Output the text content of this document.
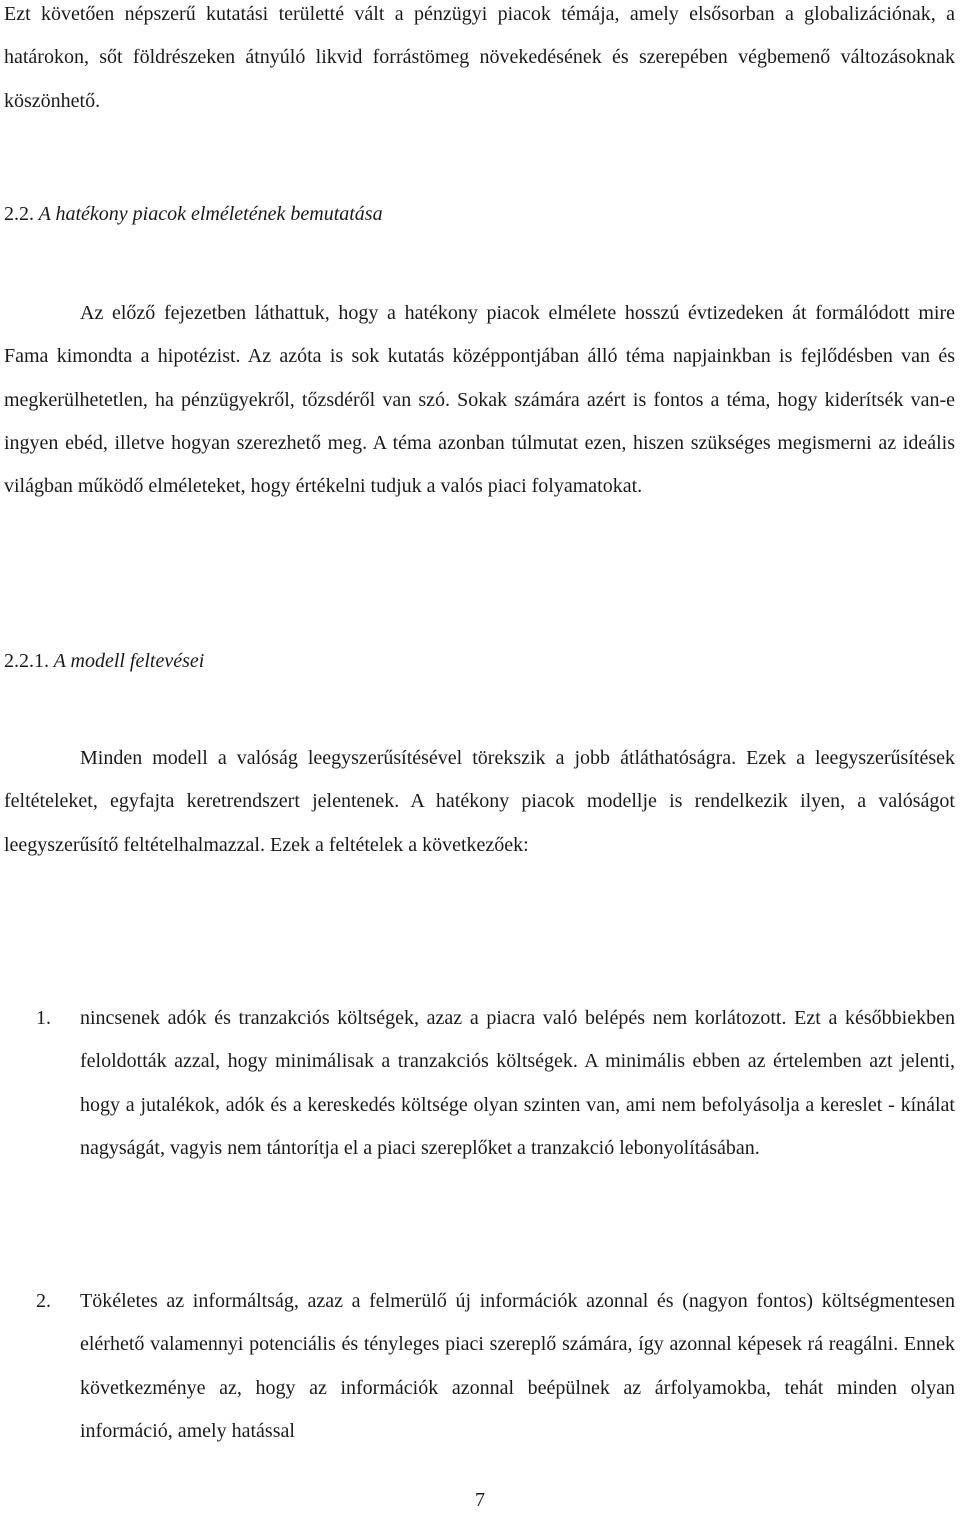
Ezt követően népszerű kutatási területté vált a pénzügyi piacok témája, amely elsősorban a globalizációnak, a határokon, sőt földrészeken átnyúló likvid forrástömeg növekedésének és szerepében végbemenő változásoknak köszönhető.

2.2. A hatékony piacok elméletének bemutatása

Az előző fejezetben láthattuk, hogy a hatékony piacok elmélete hosszú évtizedeken át formálódott mire Fama kimondta a hipotézist. Az azóta is sok kutatás középpontjában álló téma napjainkban is fejlődésben van és megkerülhetetlen, ha pénzügyekről, tőzsdéről van szó. Sokak számára azért is fontos a téma, hogy kiderítsék van-e ingyen ebéd, illetve hogyan szerezhető meg. A téma azonban túlmutat ezen, hiszen szükséges megismerni az ideális világban működő elméleteket, hogy értékelni tudjuk a valós piaci folyamatokat.

2.2.1. A modell feltevései

Minden modell a valóság leegyszerűsítésével törekszik a jobb átláthatóságra. Ezek a leegyszerűsítések feltételeket, egyfajta keretrendszert jelentenek. A hatékony piacok modellje is rendelkezik ilyen, a valóságot leegyszerűsítő feltételhalmazzal. Ezek a feltételek a következőek:

1.	nincsenek adók és tranzakciós költségek, azaz a piacra való belépés nem korlátozott. Ezt a későbbiekben feloldották azzal, hogy minimálisak a tranzakciós költségek. A minimális ebben az értelemben azt jelenti, hogy a jutalékok, adók és a kereskedés költsége olyan szinten van, ami nem befolyásolja a kereslet - kínálat nagyságát, vagyis nem tántorítja el a piaci szereplőket a tranzakció lebonyolításában.
2.	Tökéletes az informáltság, azaz a felmerülő új információk azonnal és (nagyon fontos) költségmentesen elérhető valamennyi potenciális és tényleges piaci szereplő számára, így azonnal képesek rá reagálni. Ennek következménye az, hogy az információk azonnal beépülnek az árfolyamokba, tehát minden olyan információ, amely hatással
7
